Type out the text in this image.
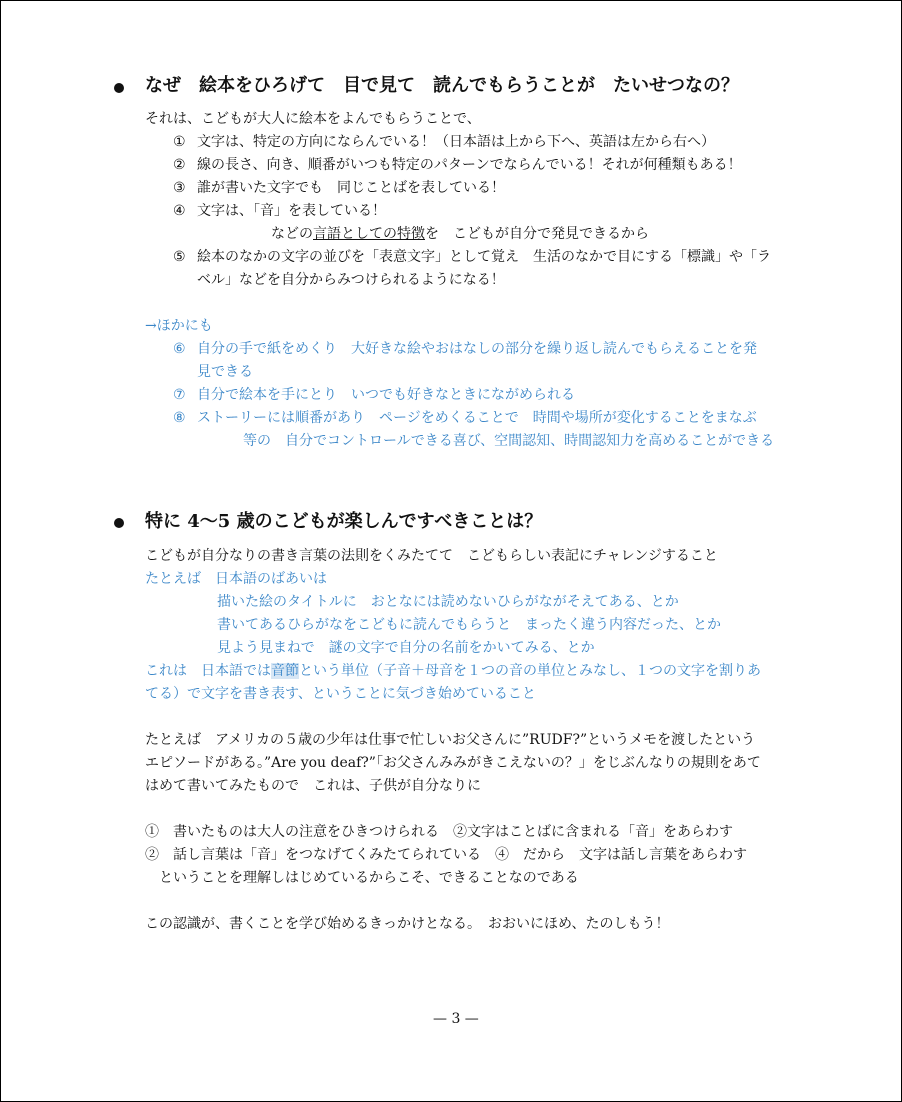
なぜ　絵本をひろげて　目で見て　読んでもらうことが　たいせつなの？
それは、こどもが大人に絵本をよんでもらうことで、
① 文字は、特定の方向にならんでいる！（日本語は上から下へ、英語は左から右へ）
② 線の長さ、向き、順番がいつも特定のパターンでならんでいる！それが何種類もある！
③ 誰が書いた文字でも　同じことばを表している！
④ 文字は、「音」を表している！
などの言語としての特徴を　こどもが自分で発見できるから
⑤ 絵本のなかの文字の並びを「表意文字」として覚え　生活のなかで目にする「標識」や「ラ
ベル」などを自分からみつけられるようになる！
→ほかにも
⑥ 自分の手で紙をめくり　大好きな絵やおはなしの部分を繰り返し読んでもらえることを発
見できる
⑦ 自分で絵本を手にとり　いつでも好きなときにながめられる
⑧ ストーリーには順番があり　ページをめくることで　時間や場所が変化することをまなぶ
等の　自分でコントロールできる喜び、空間認知、時間認知力を高めることができる
特に 4〜5 歳のこどもが楽しんですべきことは？
こどもが自分なりの書き言葉の法則をくみたてて　こどもらしい表記にチャレンジすること
たとえば　日本語のばあいは
描いた絵のタイトルに　おとなには読めないひらがながそえてある、とか
書いてあるひらがなをこどもに読んでもらうと　まったく違う内容だった、とか
見よう見まねで　謎の文字で自分の名前をかいてみる、とか
これは　日本語では音節という単位（子音＋母音を１つの音の単位とみなし、１つの文字を割りあ
てる）で文字を書き表す、ということに気づき始めていること
たとえば　アメリカの５歳の少年は仕事で忙しいお父さんに”RUDF?”というメモを渡したという
エピソードがある。”Are you deaf?”「お父さんみみがきこえないの？」をじぶんなりの規則をあて
はめて書いてみたもので　これは、子供が自分なりに
①　書いたものは大人の注意をひきつけられる　②文字はことばに含まれる「音」をあらわす
②　話し言葉は「音」をつなげてくみたてられている　④　だから　文字は話し言葉をあらわす
ということを理解しはじめているからこそ、できることなのである
この認識が、書くことを学び始めるきっかけとなる。　おおいにほめ、たのしもう！
— 3 —
